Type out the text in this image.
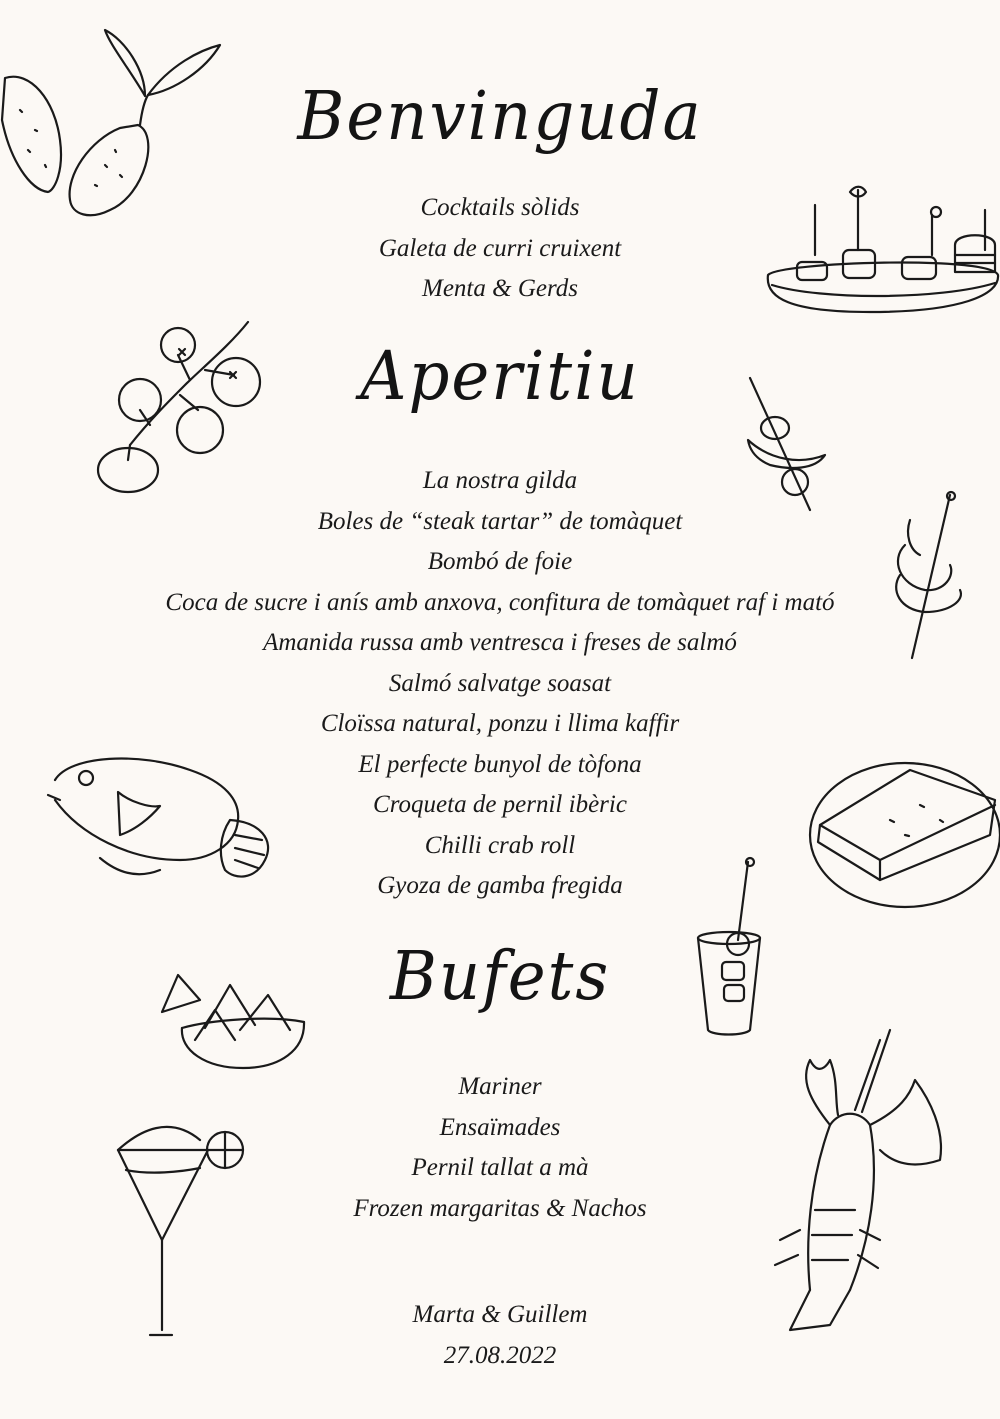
Benvinguda
Cocktails sòlids
Galeta de curri cruixent
Menta & Gerds
Aperitiu
La nostra gilda
Boles de “steak tartar” de tomàquet
Bombó de foie
Coca de sucre i anís amb anxova, confitura de tomàquet raf i mató
Amanida russa amb ventresca i freses de salmó
Salmó salvatge soasat
Cloïssa natural, ponzu i llima kaffir
El perfecte bunyol de tòfona
Croqueta de pernil ibèric
Chilli crab roll
Gyoza de gamba fregida
Bufets
Mariner
Ensaïmades
Pernil tallat a mà
Frozen margaritas & Nachos
Marta & Guillem
27.08.2022
